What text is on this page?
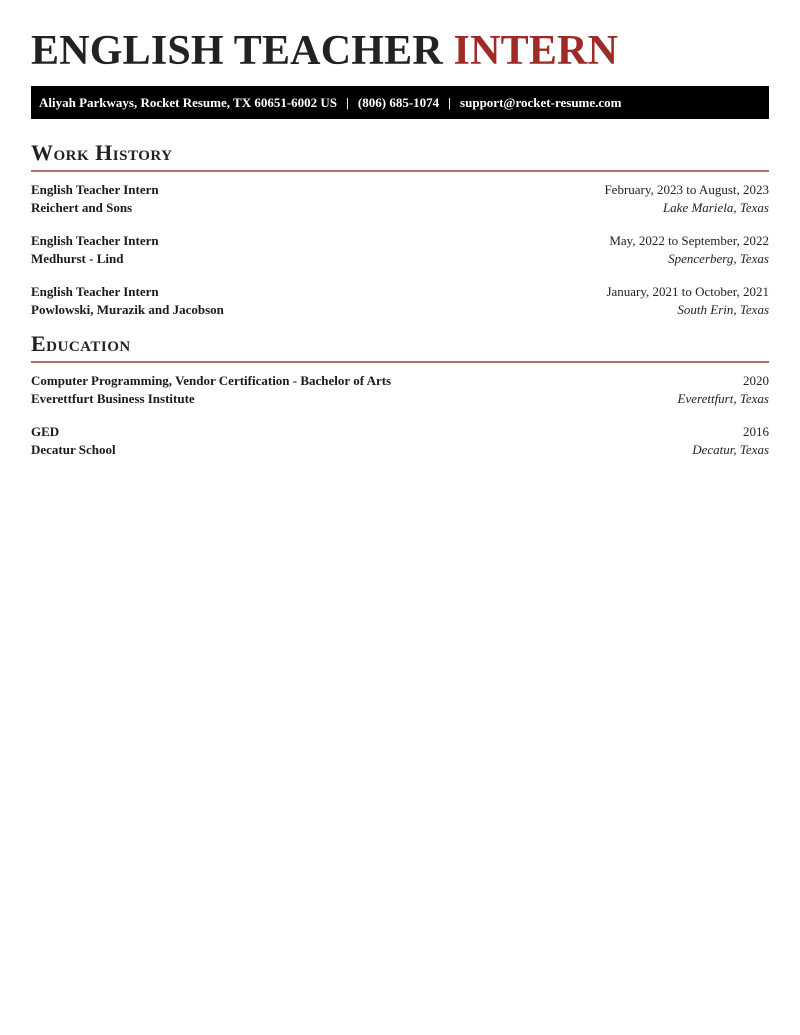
ENGLISH TEACHER INTERN
Aliyah Parkways, Rocket Resume, TX 60651-6002 US | (806) 685-1074 | support@rocket-resume.com
Work History
English Teacher Intern	February, 2023 to August, 2023
Reichert and Sons	Lake Mariela, Texas
English Teacher Intern	May, 2022 to September, 2022
Medhurst - Lind	Spencerberg, Texas
English Teacher Intern	January, 2021 to October, 2021
Powlowski, Murazik and Jacobson	South Erin, Texas
Education
Computer Programming, Vendor Certification - Bachelor of Arts	2020
Everettfurt Business Institute	Everettfurt, Texas
GED	2016
Decatur School	Decatur, Texas
